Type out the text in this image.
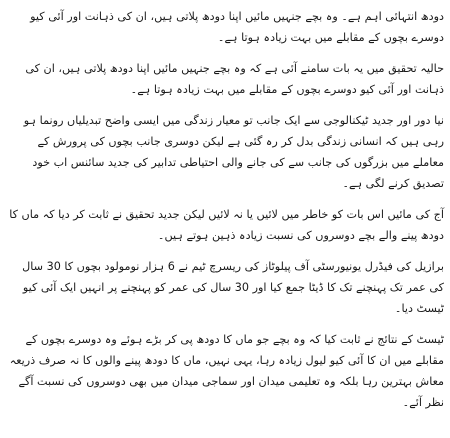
دودھ انتہائی اہم ہے۔ وہ بچے جنہیں مائیں اپنا دودھ پلاتی ہیں، ان کی ذہانت اور آئی کیو دوسرے بچوں کے مقابلے میں بہت زیادہ ہوتا ہے۔

حالیہ تحقیق میں یہ بات سامنے آئی ہے کہ وہ بچے جنہیں مائیں اپنا دودھ پلاتی ہیں، ان کی ذہانت اور آئی کیو دوسرے بچوں کے مقابلے میں بہت زیادہ ہوتا ہے۔

نیا دور اور جدید ٹیکنالوجی سے ایک جانب تو معیار زندگی میں ایسی واضح تبدیلیاں رونما ہو رہی ہیں کہ انسانی زندگی بدل کر رہ گئی ہے لیکن دوسری جانب بچوں کی پرورش کے معاملے میں بزرگوں کی جانب سے کی جانے والی احتیاطی تدابیر کی جدید سائنس اب خود تصدیق کرنے لگی ہے۔

آج کی مائیں اس بات کو خاطر میں لائیں یا نہ لائیں لیکن جدید تحقیق نے ثابت کر دیا کہ ماں کا دودھ پینے والے بچے دوسروں کی نسبت زیادہ ذہین ہوتے ہیں۔

برازیل کی فیڈرل یونیورسٹی آف پیلوٹاز کی ریسرچ ٹیم نے 6 ہزار نومولود بچوں کا 30 سال کی عمر تک پہنچنے تک کا ڈیٹا جمع کیا اور 30 سال کی عمر کو پہنچنے پر انہیں ایک آئی کیو ٹیسٹ دیا۔

ٹیسٹ کے نتائج نے ثابت کیا کہ وہ بچے جو ماں کا دودھ پی کر بڑے ہوئے وہ دوسرے بچوں کے مقابلے میں ان کا آئی کیو لیول زیادہ رہا، یہی نہیں، ماں کا دودھ پینے والوں کا نہ صرف ذریعہ معاش بہترین رہا بلکہ وہ تعلیمی میدان اور سماجی میدان میں بھی دوسروں کی نسبت آگے نظر آئے۔
